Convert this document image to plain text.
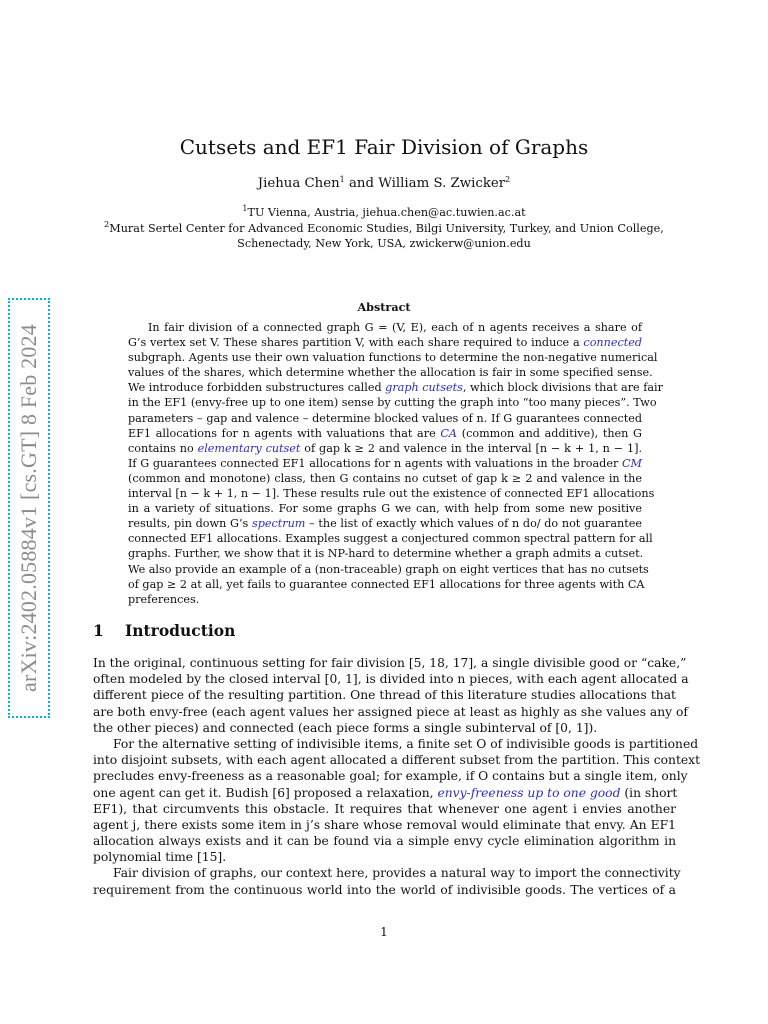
arXiv:2402.05884v1 [cs.GT] 8 Feb 2024
Cutsets and EF1 Fair Division of Graphs
Jiehua Chen$^1$ and William S. Zwicker$^2$
$^1$TU Vienna, Austria, jiehua.chen@ac.tuwien.ac.at
$^2$Murat Sertel Center for Advanced Economic Studies, Bilgi University, Turkey, and Union College,
Schenectady, New York, USA, zwickerw@union.edu
Abstract
In fair division of a connected graph G = (V, E), each of n agents receives a share of
G’s vertex set V. These shares partition V, with each share required to induce a connected
subgraph. Agents use their own valuation functions to determine the non-negative numerical
values of the shares, which determine whether the allocation is fair in some specified sense.
We introduce forbidden substructures called graph cutsets, which block divisions that are fair
in the EF1 (envy-free up to one item) sense by cutting the graph into “too many pieces”. Two
parameters – gap and valence – determine blocked values of n. If G guarantees connected
EF1 allocations for n agents with valuations that are CA (common and additive), then G
contains no elementary cutset of gap k ≥ 2 and valence in the interval [n − k + 1, n − 1].
If G guarantees connected EF1 allocations for n agents with valuations in the broader CM
(common and monotone) class, then G contains no cutset of gap k ≥ 2 and valence in the
interval [n − k + 1, n − 1]. These results rule out the existence of connected EF1 allocations
in a variety of situations. For some graphs G we can, with help from some new positive
results, pin down G’s spectrum – the list of exactly which values of n do/ do not guarantee
connected EF1 allocations. Examples suggest a conjectured common spectral pattern for all
graphs. Further, we show that it is NP-hard to determine whether a graph admits a cutset.
We also provide an example of a (non-traceable) graph on eight vertices that has no cutsets
of gap ≥ 2 at all, yet fails to guarantee connected EF1 allocations for three agents with CA
preferences.
1 Introduction
In the original, continuous setting for fair division [5, 18, 17], a single divisible good or “cake,”
often modeled by the closed interval [0, 1], is divided into n pieces, with each agent allocated a
different piece of the resulting partition. One thread of this literature studies allocations that
are both envy-free (each agent values her assigned piece at least as highly as she values any of
the other pieces) and connected (each piece forms a single subinterval of [0, 1]).
For the alternative setting of indivisible items, a finite set O of indivisible goods is partitioned
into disjoint subsets, with each agent allocated a different subset from the partition. This context
precludes envy-freeness as a reasonable goal; for example, if O contains but a single item, only
one agent can get it. Budish [6] proposed a relaxation, envy-freeness up to one good (in short
EF1), that circumvents this obstacle. It requires that whenever one agent i envies another
agent j, there exists some item in j’s share whose removal would eliminate that envy. An EF1
allocation always exists and it can be found via a simple envy cycle elimination algorithm in
polynomial time [15].
Fair division of graphs, our context here, provides a natural way to import the connectivity
requirement from the continuous world into the world of indivisible goods. The vertices of a
1
